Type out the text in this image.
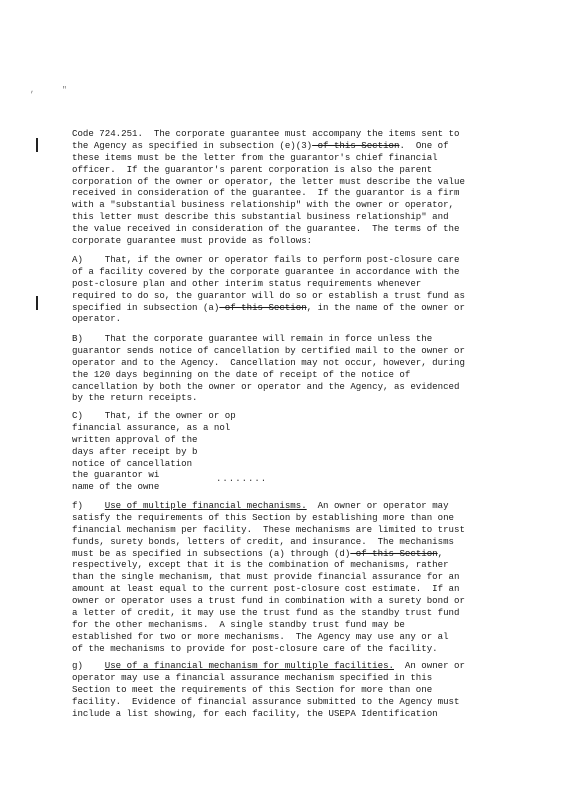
,	"
Code 724.251.  The corporate guarantee must accompany the items sent to
the Agency as specified in subsection (e)(3) of this Section.  One of
these items must be the letter from the guarantor's chief financial
officer.  If the guarantor's parent corporation is also the parent
corporation of the owner or operator, the letter must describe the value
received in consideration of the guarantee.  If the guarantor is a firm
with a "substantial business relationship" with the owner or operator,
this letter must describe this substantial business relationship" and
the value received in consideration of the guarantee.  The terms of the
corporate guarantee must provide as follows:
A)    That, if the owner or operator fails to perform post-closure care
of a facility covered by the corporate guarantee in accordance with the
post-closure plan and other interim status requirements whenever
required to do so, the guarantor will do so or establish a trust fund as
specified in subsection (a) of this Section, in the name of the owner or
operator.
B)    That the corporate guarantee will remain in force unless the
guarantor sends notice of cancellation by certified mail to the owner or
operator and to the Agency.  Cancellation may not occur, however, during
the 120 days beginning on the date of receipt of the notice of
cancellation by both the owner or operator and the Agency, as evidenced
by the return receipts.
C)    That, if the owner or op
financial assurance, as a nol
written approval of the
days after receipt by b
notice of cancellation
the guarantor wi
name of the owne
........
f) Use of multiple financial mechanisms.  An owner or operator may
satisfy the requirements of this Section by establishing more than one
financial mechanism per facility.  These mechanisms are limited to trust
funds, surety bonds, letters of credit, and insurance.  The mechanisms
must be as specified in subsections (a) through (d) of this Section,
respectively, except that it is the combination of mechanisms, rather
than the single mechanism, that must provide financial assurance for an
amount at least equal to the current post-closure cost estimate.  If an
owner or operator uses a trust fund in combination with a surety bond or
a letter of credit, it may use the trust fund as the standby trust fund
for the other mechanisms.  A single standby trust fund may be
established for two or more mechanisms.  The Agency may use any or al
of the mechanisms to provide for post-closure care of the facility.
g) Use of a financial mechanism for multiple facilities.  An owner or
operator may use a financial assurance mechanism specified in this
Section to meet the requirements of this Section for more than one
facility.  Evidence of financial assurance submitted to the Agency must
include a list showing, for each facility, the USEPA Identification
